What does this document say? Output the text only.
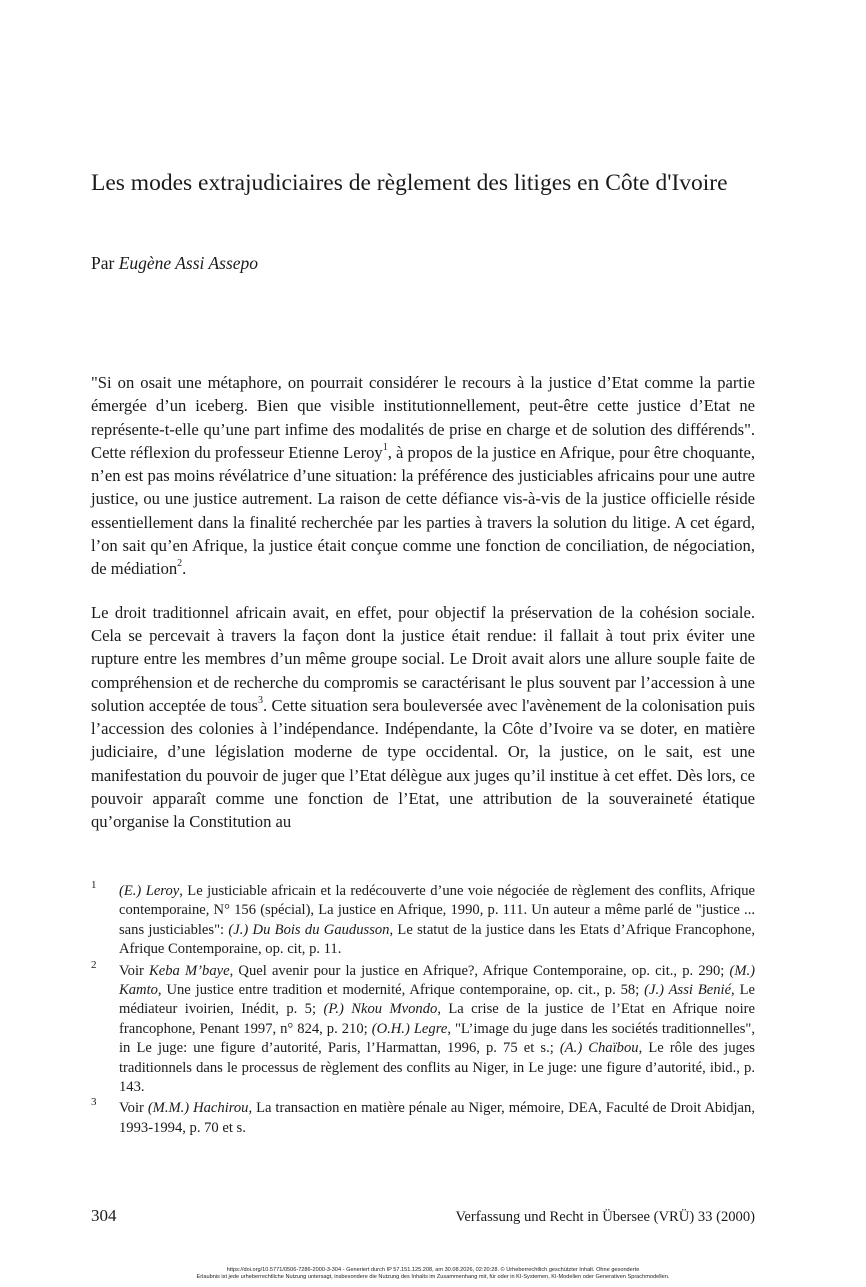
Les modes extrajudiciaires de règlement des litiges en Côte d'Ivoire
Par Eugène Assi Assepo

"Si on osait une métaphore, on pourrait considérer le recours à la justice d’Etat comme la partie émergée d’un iceberg. Bien que visible institutionnellement, peut-être cette justice d’Etat ne représente-t-elle qu’une part infime des modalités de prise en charge et de solution des différends". Cette réflexion du professeur Etienne Leroy$^1$, à propos de la justice en Afrique, pour être choquante, n’en est pas moins révélatrice d’une situation: la préférence des justiciables africains pour une autre justice, ou une justice autrement. La raison de cette défiance vis-à-vis de la justice officielle réside essentiellement dans la finalité recherchée par les parties à travers la solution du litige. A cet égard, l’on sait qu’en Afrique, la justice était conçue comme une fonction de conciliation, de négociation, de médiation$^2$.

Le droit traditionnel africain avait, en effet, pour objectif la préservation de la cohésion sociale. Cela se percevait à travers la façon dont la justice était rendue: il fallait à tout prix éviter une rupture entre les membres d’un même groupe social. Le Droit avait alors une allure souple faite de compréhension et de recherche du compromis se caractérisant le plus souvent par l’accession à une solution acceptée de tous$^3$. Cette situation sera bouleversée avec l'avènement de la colonisation puis l’accession des colonies à l’indépendance. Indépendante, la Côte d’Ivoire va se doter, en matière judiciaire, d’une législation moderne de type occidental. Or, la justice, on le sait, est une manifestation du pouvoir de juger que l’Etat délègue aux juges qu’il institue à cet effet. Dès lors, ce pouvoir apparaît comme une fonction de l’Etat, une attribution de la souveraineté étatique qu’organise la Constitution au

1 (E.) Leroy, Le justiciable africain et la redécouverte d’une voie négociée de règlement des conflits, Afrique contemporaine, N° 156 (spécial), La justice en Afrique, 1990, p. 111. Un auteur a même parlé de "justice ... sans justiciables": (J.) Du Bois du Gaudusson, Le statut de la justice dans les Etats d’Afrique Francophone, Afrique Contemporaine, op. cit, p. 11.
2 Voir Keba M’baye, Quel avenir pour la justice en Afrique?, Afrique Contemporaine, op. cit., p. 290; (M.) Kamto, Une justice entre tradition et modernité, Afrique contemporaine, op. cit., p. 58; (J.) Assi Benié, Le médiateur ivoirien, Inédit, p. 5; (P.) Nkou Mvondo, La crise de la justice de l’Etat en Afrique noire francophone, Penant 1997, n° 824, p. 210; (O.H.) Legre, "L’image du juge dans les sociétés traditionnelles", in Le juge: une figure d’autorité, Paris, l’Harmattan, 1996, p. 75 et s.; (A.) Chaïbou, Le rôle des juges traditionnels dans le processus de règlement des conflits au Niger, in Le juge: une figure d’autorité, ibid., p. 143.
3 Voir (M.M.) Hachirou, La transaction en matière pénale au Niger, mémoire, DEA, Faculté de Droit Abidjan, 1993-1994, p. 70 et s.
304	Verfassung und Recht in Übersee (VRÜ) 33 (2000)
https://doi.org/10.5771/0506-7286-2000-3-304 - Generiert durch IP 57.151.125.208, am 30.08.2026, 02:20:28. © Urheberrechtlich geschützter Inhalt. Ohne gesonderte
Erlaubnis ist jede urheberrechtliche Nutzung untersagt, insbesondere die Nutzung des Inhalts im Zusammenhang mit, für oder in KI-Systemen, KI-Modellen oder Generativen Sprachmodellen.
